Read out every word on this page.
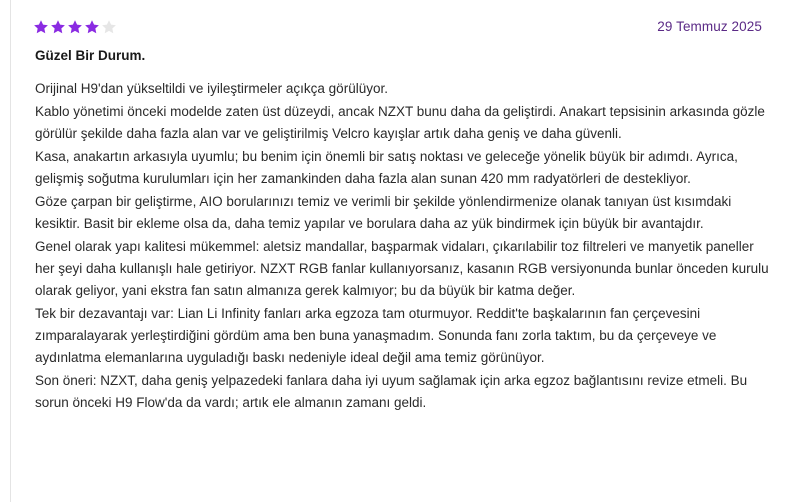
29 Temmuz 2025
Güzel Bir Durum.

Orijinal H9'dan yükseltildi ve iyileştirmeler açıkça görülüyor.

Kablo yönetimi önceki modelde zaten üst düzeydi, ancak NZXT bunu daha da geliştirdi. Anakart tepsisinin arkasında gözle görülür şekilde daha fazla alan var ve geliştirilmiş Velcro kayışlar artık daha geniş ve daha güvenli.

Kasa, anakartın arkasıyla uyumlu; bu benim için önemli bir satış noktası ve geleceğe yönelik büyük bir adımdı. Ayrıca, gelişmiş soğutma kurulumları için her zamankinden daha fazla alan sunan 420 mm radyatörleri de destekliyor.

Göze çarpan bir geliştirme, AIO borularınızı temiz ve verimli bir şekilde yönlendirmenize olanak tanıyan üst kısımdaki kesiktir. Basit bir ekleme olsa da, daha temiz yapılar ve borulara daha az yük bindirmek için büyük bir avantajdır.

Genel olarak yapı kalitesi mükemmel: aletsiz mandallar, başparmak vidaları, çıkarılabilir toz filtreleri ve manyetik paneller her şeyi daha kullanışlı hale getiriyor. NZXT RGB fanlar kullanıyorsanız, kasanın RGB versiyonunda bunlar önceden kurulu olarak geliyor, yani ekstra fan satın almanıza gerek kalmıyor; bu da büyük bir katma değer.

Tek bir dezavantajı var: Lian Li Infinity fanları arka egzoza tam oturmuyor. Reddit'te başkalarının fan çerçevesini zımparalayarak yerleştirdiğini gördüm ama ben buna yanaşmadım. Sonunda fanı zorla taktım, bu da çerçeveye ve aydınlatma elemanlarına uyguladığı baskı nedeniyle ideal değil ama temiz görünüyor.

Son öneri: NZXT, daha geniş yelpazedeki fanlara daha iyi uyum sağlamak için arka egzoz bağlantısını revize etmeli. Bu sorun önceki H9 Flow'da da vardı; artık ele almanın zamanı geldi.
